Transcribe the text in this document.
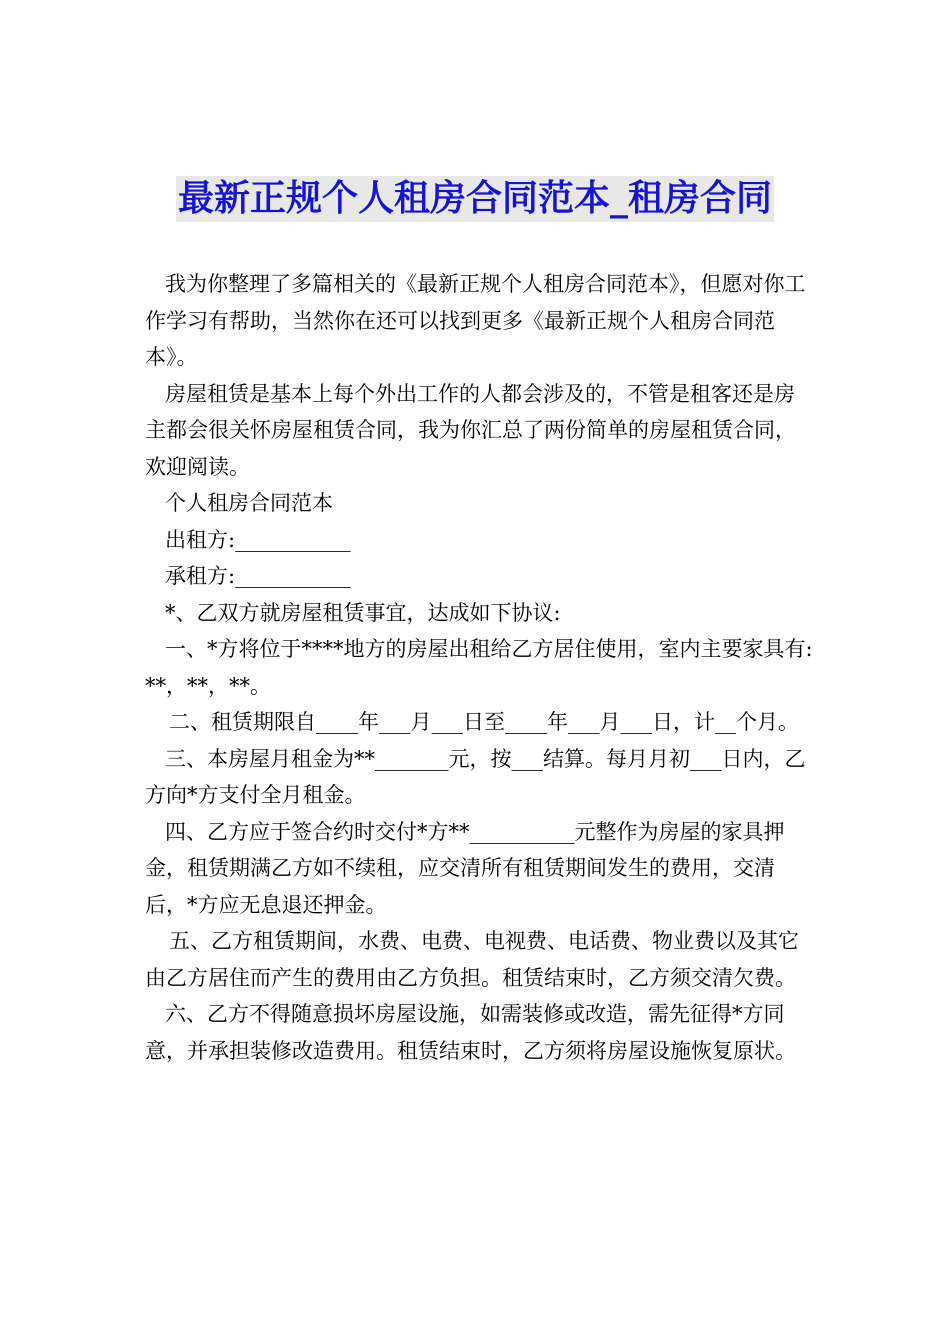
最新正规个人租房合同范本_租房合同

我为你整理了多篇相关的《最新正规个人租房合同范本》，但愿对你工作学习有帮助，当然你在还可以找到更多《最新正规个人租房合同范本》。

房屋租赁是基本上每个外出工作的人都会涉及的，不管是租客还是房主都会很关怀房屋租赁合同，我为你汇总了两份简单的房屋租赁合同，欢迎阅读。

个人租房合同范本

出租方:___________

承租方:___________

*、乙双方就房屋租赁事宜，达成如下协议:

一、*方将位于****地方的房屋出租给乙方居住使用，室内主要家具有:**，**，**。

二、租赁期限自____年___月___日至____年___月___日，计__个月。

三、本房屋月租金为**_______元，按___结算。每月月初___日内，乙方向*方支付全月租金。

四、乙方应于签合约时交付*方**__________元整作为房屋的家具押金，租赁期满乙方如不续租，应交清所有租赁期间发生的费用，交清后，*方应无息退还押金。

五、乙方租赁期间，水费、电费、电视费、电话费、物业费以及其它由乙方居住而产生的费用由乙方负担。租赁结束时，乙方须交清欠费。

六、乙方不得随意损坏房屋设施，如需装修或改造，需先征得*方同意，并承担装修改造费用。租赁结束时，乙方须将房屋设施恢复原状。
